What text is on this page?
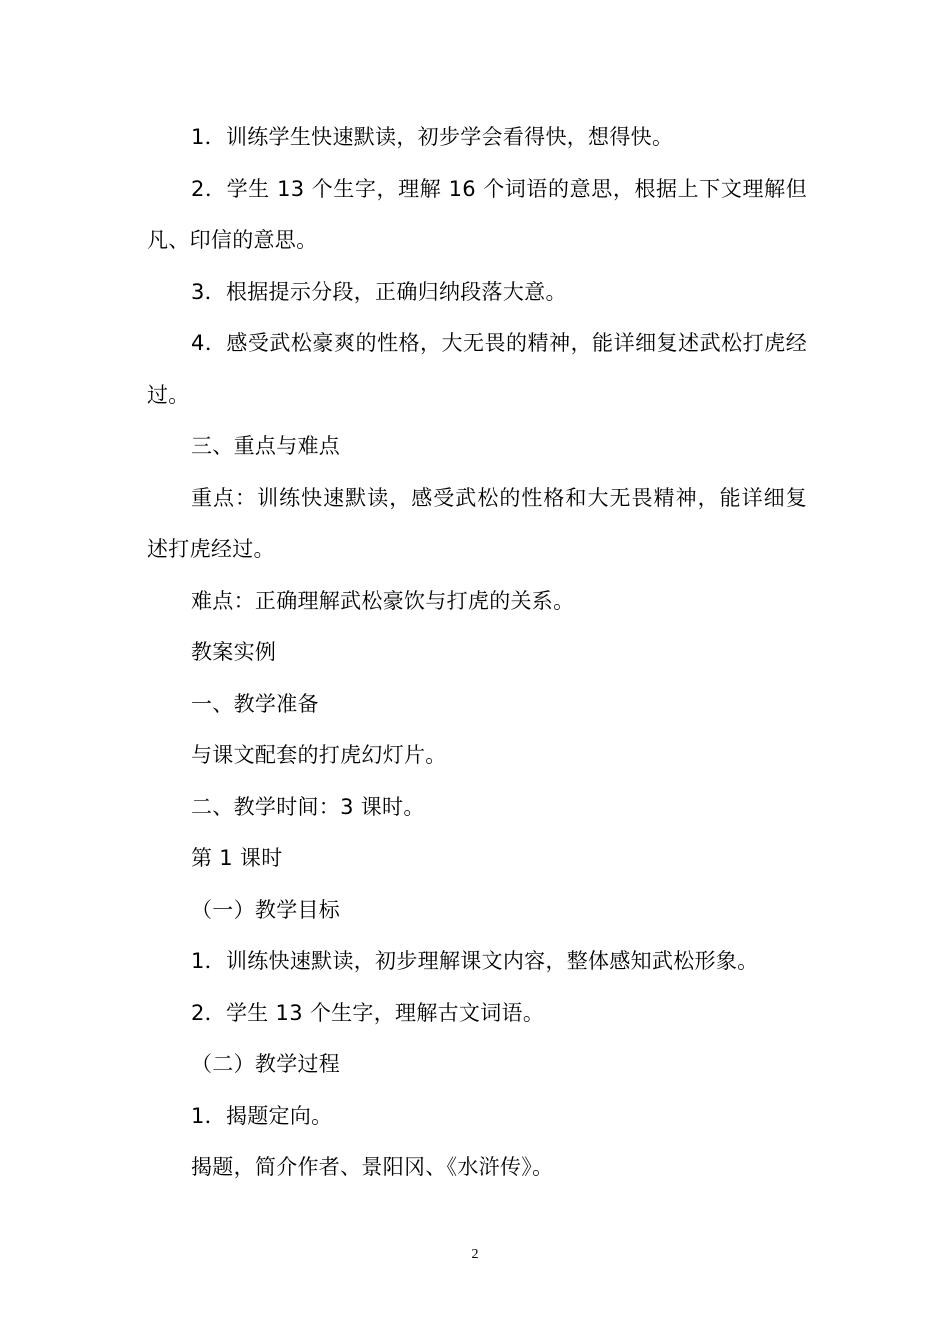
1．训练学生快速默读，初步学会看得快，想得快。

2．学生 13 个生字，理解 16 个词语的意思，根据上下文理解但凡、印信的意思。

3．根据提示分段，正确归纳段落大意。

4．感受武松豪爽的性格，大无畏的精神，能详细复述武松打虎经过。

三、重点与难点

重点：训练快速默读，感受武松的性格和大无畏精神，能详细复述打虎经过。

难点：正确理解武松豪饮与打虎的关系。

教案实例

一、教学准备

与课文配套的打虎幻灯片。

二、教学时间：3 课时。

第 1 课时

（一）教学目标

1．训练快速默读，初步理解课文内容，整体感知武松形象。

2．学生 13 个生字，理解古文词语。

（二）教学过程

1．揭题定向。

揭题，简介作者、景阳冈、《水浒传》。

2
